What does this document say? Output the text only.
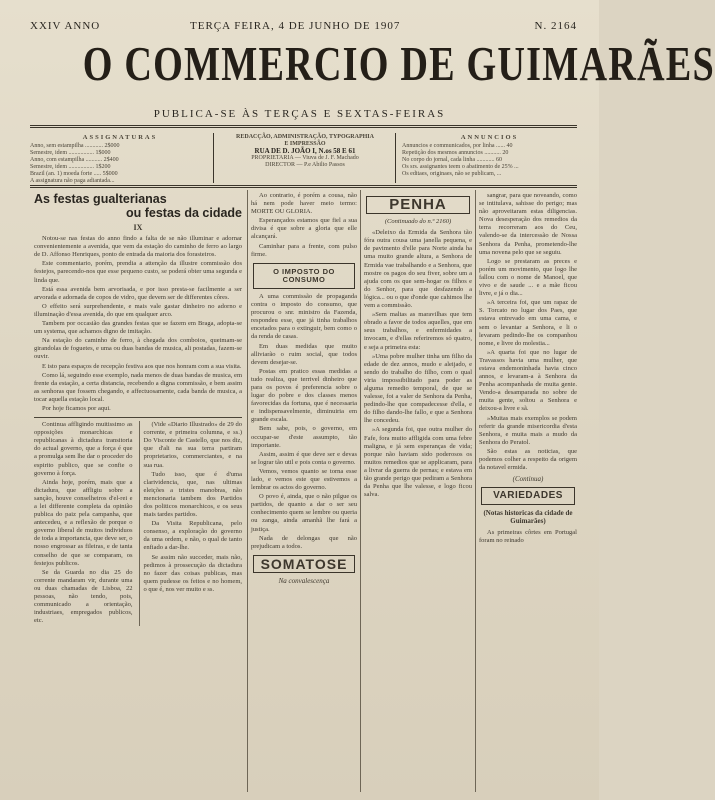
XXIV ANNO	TERÇA FEIRA, 4 DE JUNHO DE 1907	N. 2164
O COMMERCIO DE GUIMARÃES
PUBLICA-SE ÀS TERÇAS E SEXTAS-FEIRAS
ASSIGNATURAS
Anno, sem estampilha ............ 2$000
Semestre, idem ................. 1$000
Anno, com estampilha ........... 2$400
Semestre, idem ................. 1$200
Brazil (an. 1) moeda forte ..... 5$000
A assignatura não paga adiantada...
REDACÇÃO, ADMINISTRAÇÃO, TYPOGRAPHIA
E IMPRESSÃO
RUA DE D. JOÃO I, N.os 58 E 61
PROPRIETARIA — Viuva de J. F. Machado
DIRECTOR — P.e Abilio Passos
ANNUNCIOS
Annuncios e communicados, por linha ...... 40
Repetição dos mesmos annuncios ........... 20
No corpo do jornal, cada linha ............ 60
Os srs. assignantes teem o abatimento de 25% ...
Os editaes, originaes, não se publicam, ...
As festas gualterianas
ou festas da cidade
IX

Notou-se nas festas do anno findo a falta de se não illuminar e adornar convenientemente a avenida, que vem da estação do caminho de ferro ao largo de D. Affonso Henriques, ponto de entrada da maioria dos forasteiros.

Este commentario, porém, prendia a attenção da illustre commissão dos festejos, parecendo-nos que esse pequeno custo, se poderá obter uma segunda e linda que.

Está essa avenida bem arvorisada, e por isso presta-se facilmente a ser arvorada e adornada de copos de vidro, que devem ser de differentes côres.

O effeito será surprehendente, e mais vale gastar dinheiro no adorno e illuminação d'essa avenida, do que em qualquer arco.

Tambem por occasião das grandes festas que se fazem em Braga, adopta-se um systema, que achamos digno de imitação.

Na estação do caminho de ferro, à chegada dos comboios, queimam-se girandolas de foguetes, e uma ou duas bandas de musica, ali postadas, fazem-se ouvir.

E isto para espaços de recepção festiva aos que nos honram com a sua visita.

Como lá, seguindo esse exemplo, nada menos de duas bandas de musica, em frente da estação, a certa distancia, recebendo a digna commissão, e bem assim as senhoras que fossem chegando, e affectuosamente, cada banda de musica, a tocar aquella estação local.

Por hoje ficamos por aqui.

Continua affligindo muitissimo as opposições monarchicas e republicanas à dictadura transitoria do actual governo, que a força é que a promulga sem lhe dar o proceder do espirito publico, que se confie o governo à força.

Ainda hoje, porém, mais que a dictadura, que affligiu sobre a sanção, houve conselheiros d'el-rei e a lei differente completa da opinião publica do paiz pela campanha, que antecedeu, e a reflexão de porque o governo liberal de muitos individuos de toda a importancia, que deve ser, o nosso engrossar as fileiras, e de tanta conselho de que se comparam, os festejos publicos.

Se da Guarda no dia 25 do corrente mandaram vir, durante uma ou duas chamadas de Lisboa, 22 pessoas, não tendo, pois, communicado a orientação, industriaes, empregados publicos, etc.

(Vide «Diario Illustrado» de 29 do corrente, e primeira columna, e ss.) Do Visconte de Castello, que nos diz, que d'ali na sua terra partiram proprietarios, commerciantes, e na sua rua.

Tudo isso, que é d'uma clarividencia, que, nas ultimas eleições a tristes manobras, não mencionaria tambem dos Partidos dos politicos monarchicos, e os seus mais tardes partidos.

Da Visita Republicana, pelo consenso, a exploração do governo da uma ordem, e não, o qual de tanto enfiado a dar-lhe.

Se assim não succeder, mais não, pedimos à prossecução da dictadura no fazer das coisas publicas, mas quem pudesse os feitos e no homem, o que é, nos ver muito e ss.

Ao contrario, é porém a cousa, não há nem pode haver meio termo: MORTE OU GLORIA.

Esperançados estamos que fiel a sua divisa é que sobre a gloria que elle alcançará.

Caminhar para a frente, com pulso firme.

O IMPOSTO DO CONSUMO

A uma commissão de propaganda contra o imposto do consumo, que procurou o snr. ministro da Fazenda, respondeu esse, que já tinha trabalhos encetados para o extinguir, bem como o da renda de casas.

Em duas medidas que muito alliviarão o ruim social, que todos devem desejar-se.

Postas em pratico essas medidas a tudo realiza, que terrivel dinheiro que para os povos é preferencia sobre o lugar do pobre e dos classes menos favorecidas da fortuna, que é necessaria e indispensavelmente, diminuiria em grande escala.

Bem sabe, pois, o governo, em occupar-se d'este assumpto, tão importante.

Assim, assim é que deve ser e devas se lograr tão util e pois conta o governo.

Vemos, vemos quanto se torna esse lado, e vemos este que estivemos a lembrar os actos do governo.

O povo é, ainda, que o não pilgue os partidos, de quanto a dar o ser seu conhecimento quem se lembre ou queria ou zanga, ainda amanhã lhe fará a justiça.

Nada de delongas que não prejudicam a todos.

SOMATOSE
Na convalescença
PENHA
(Continuado do n.º 2160)

«Deleixo da Ermida da Senhora tão fóra outra cousa uma janella pequena, e de pavimento d'elle para Norte ainda ha uma muito grande altura, a Senhora de Ermida vae trabalhando e a Senhora, que mostre os pagos do seu fiver, sobre um a ajuda com os que sem-hogar os filhos e do Senhor, para que desfazendo a lógica... ou o que d'onde que cahimos lhe vem a commissão.

»Sem maltas as maravilhas que tem obrado a favor de todos aquelles, que em seus trabalhos, e enfermidades a invocam, e d'ellas referiremos só quatro, e seja a primeira esta:

»Uma pobre mulher tinha um filho da edade de dez annos, mudo e aleijado, e sendo do trabalho do filho, com o qual viria impossibilitado para poder as alguma remedio temporal, de que se valesse, foi a valer de Senhora da Penha, pedindo-lhe que compadecesse d'ella, e do filho dando-lhe fallo, e que a Senhora lhe concedeu.

»A segunda foi, que outra mulher do Fafe, fora muito affligida com uma febre maligna, e já sem esperanças de vida; porque não haviam sido poderosos os muitos remedios que se applicaram, para a livrar da guerra de pernas; e estava em tão grande perigo que pediram a Senhora da Penha que lhe valesse, e logo ficou salva.

sangrar, para que noveando, como se intitulava, sahisse do perigo; mas não aproveitaram estas diligencias. Nova desesperação dos remedios da terra recorreram aos do Ceu, valendo-se da intercessão de Nossa Senhora da Penha, prometendo-lhe uma novena pelo que se seguiu.

Logo se prestaram as preces e porém um movimento, que logo lhe fallou com o nome de Manoel, que vivo e de saude ... e a mãe ficou livre, e já o dia...

»A terceira foi, que um rapaz de S. Torcato no lugar dos Paes, que estava entrevado em uma cama, e sem o levantar a Senhora, e li o levaram pedindo-lhe os companhou nome, e livre do molestia...

»A quarta foi que no lugar de Travassos havia uma mulher, que estava endemoninhada havia cinco annos, e levaram-a à Senhora da Penha acompanhada de muita gente. Vendo-a desamparada no sobre de muita gente, soltou a Senhora e deixou-a livre e sã.

»Muitas mais exemplos se podem referir da grande misericordia d'esta Senhora, e muita mais a mudo da Senhora do Peratol.

São estas as noticias, que podemos colher a respeito da origem da notavel ermida.

(Continua)
VARIEDADES
(Notas historicas da cidade de Guimarães)

As primeiras côrtes em Portugal foram no reinado
